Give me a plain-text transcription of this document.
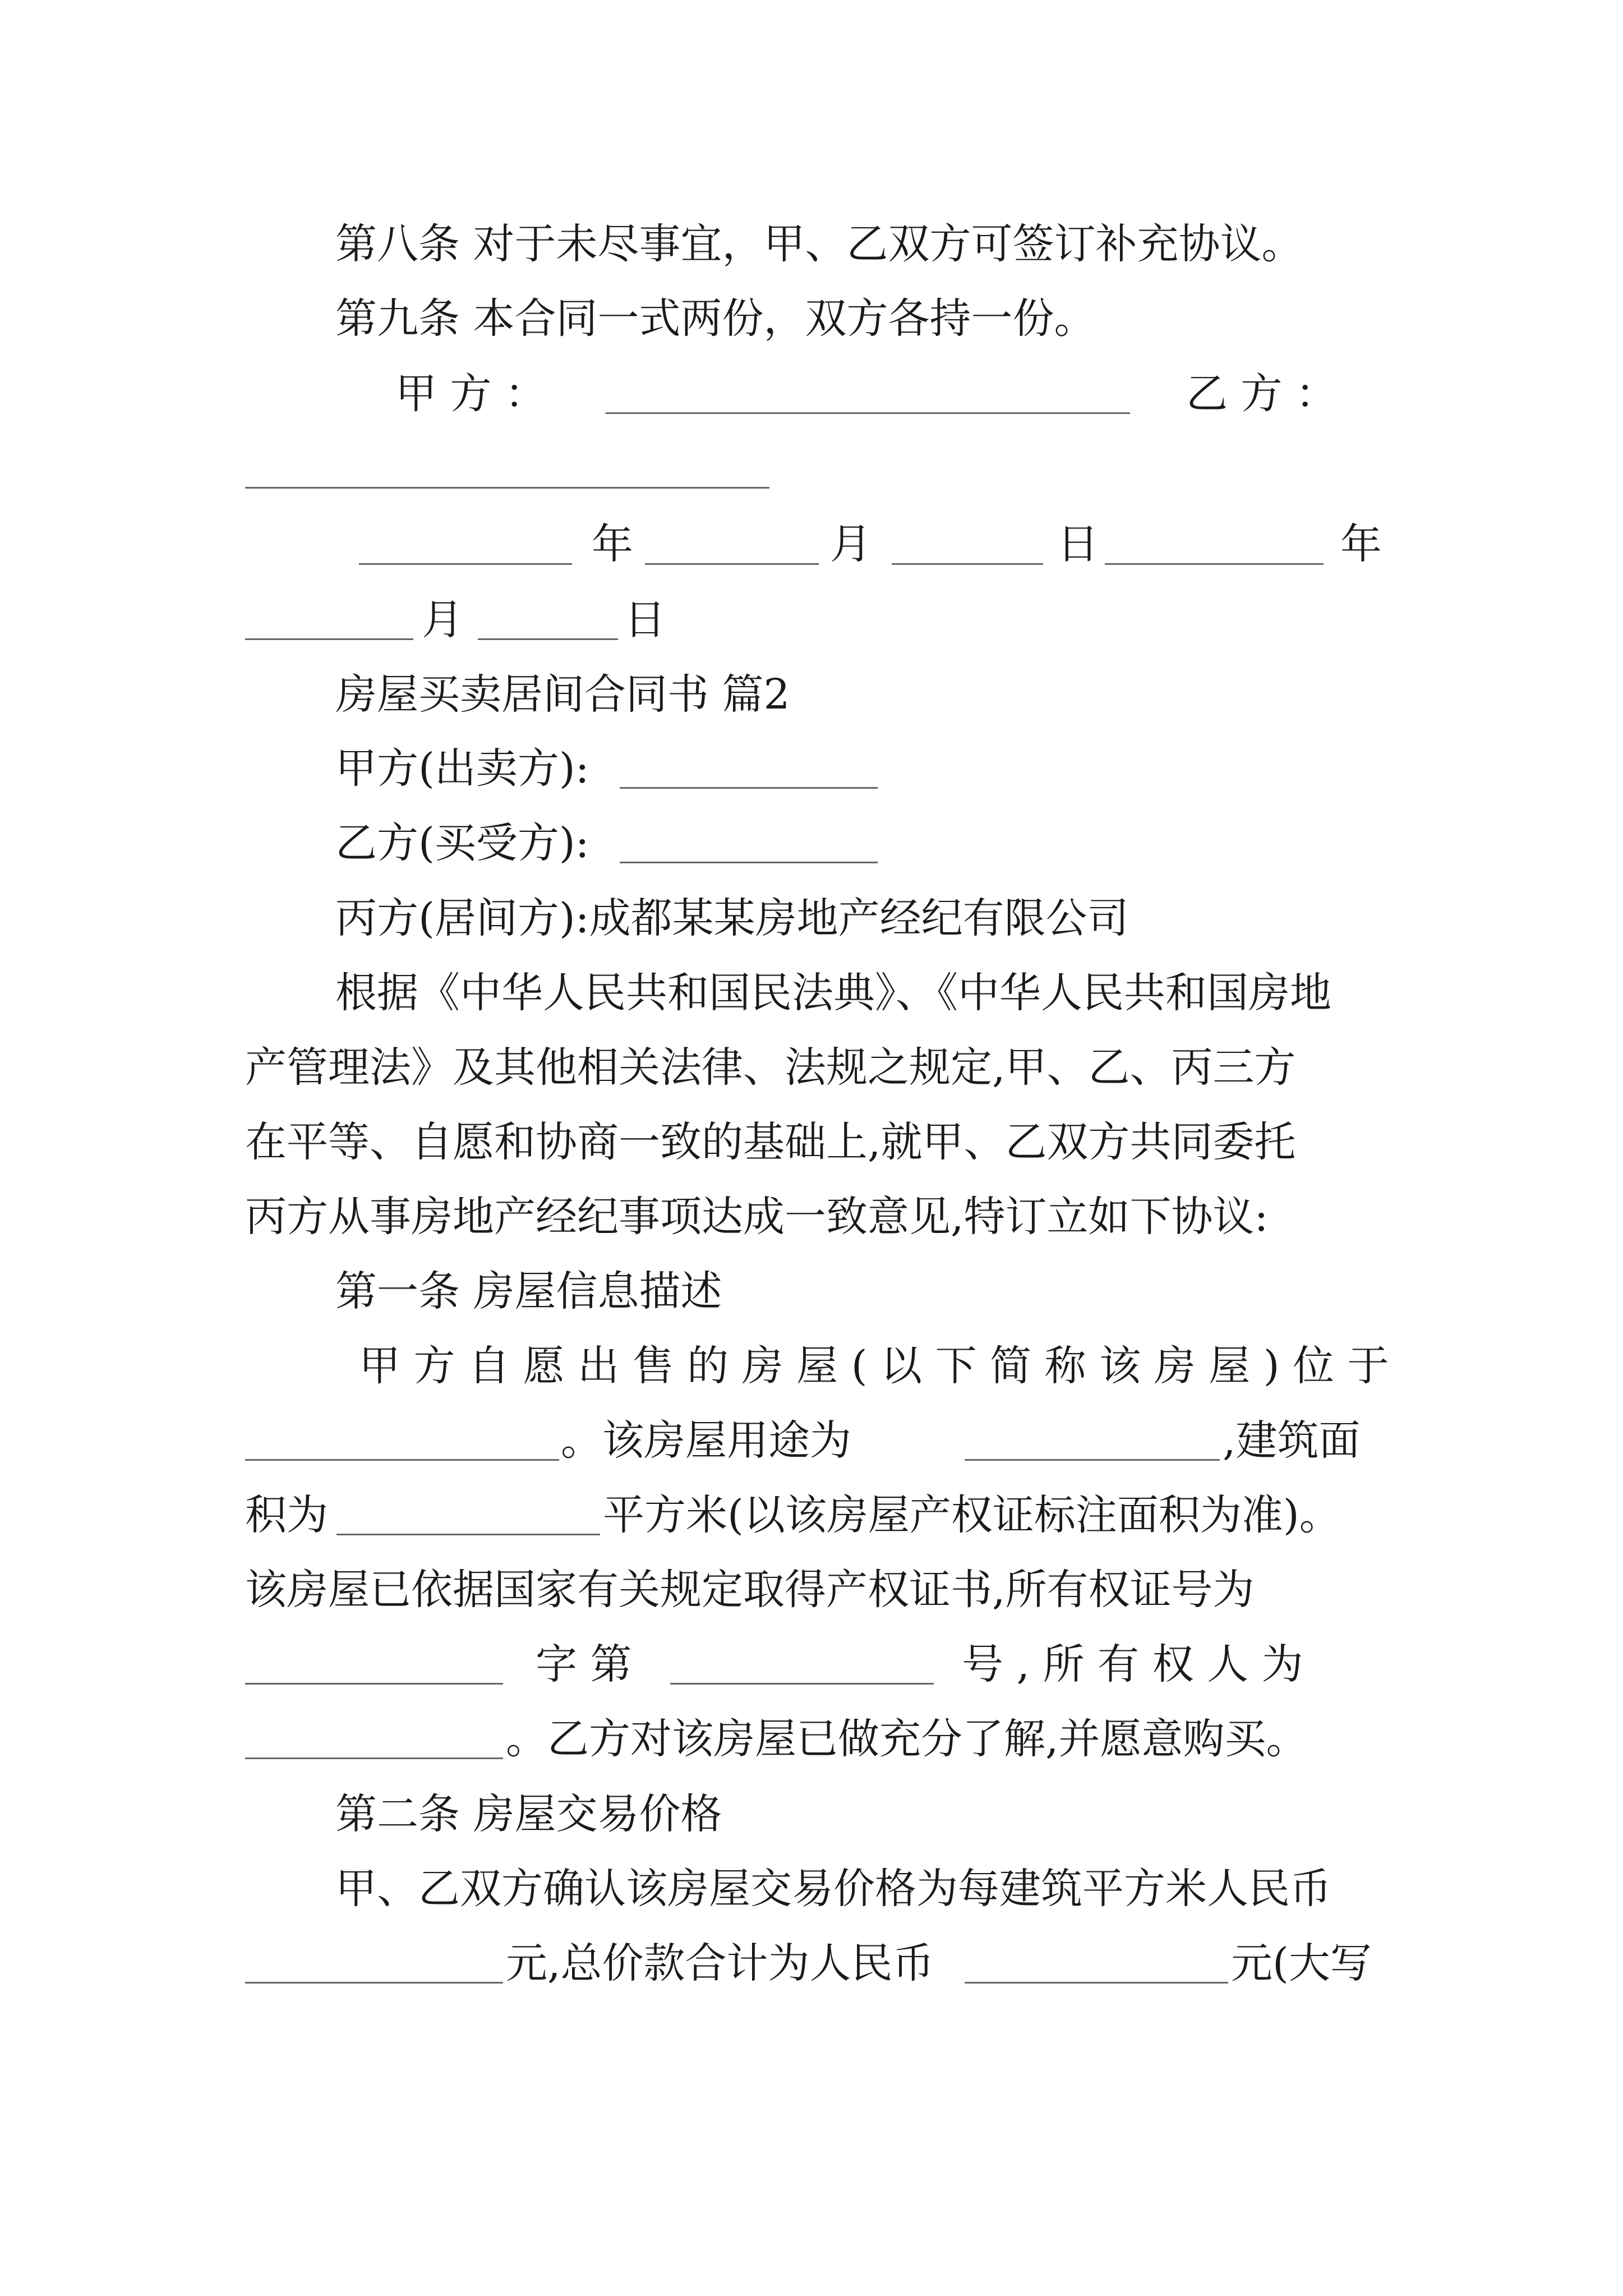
第八条 对于未尽事宜，甲、乙双方可签订补充协议。
第九条 本合同一式两份，双方各持一份。
甲 方 ：	乙 方 ：
年	月	日	年
月	日
房屋买卖居间合同书 篇2
甲方(出卖方):
乙方(买受方):
丙方(居间方):成都某某房地产经纪有限公司
根据《中华人民共和国民法典》、《中华人民共和国房地
产管理法》及其他相关法律、法规之规定,甲、乙、丙三方
在平等、自愿和协商一致的基础上,就甲、乙双方共同委托
丙方从事房地产经纪事项达成一致意见,特订立如下协议:
第一条 房屋信息描述
甲 方 自 愿 出 售 的 房 屋 ( 以 下 简 称 该 房 屋 ) 位 于
。该房屋用途为	,建筑面
积为	平方米(以该房屋产权证标注面积为准)。
该房屋已依据国家有关规定取得产权证书,所有权证号为
字 第	号 , 所 有 权 人 为
。乙方对该房屋已做充分了解,并愿意购买。
第二条 房屋交易价格
甲、乙双方确认该房屋交易价格为每建筑平方米人民币
元,总价款合计为人民币	元(大写
